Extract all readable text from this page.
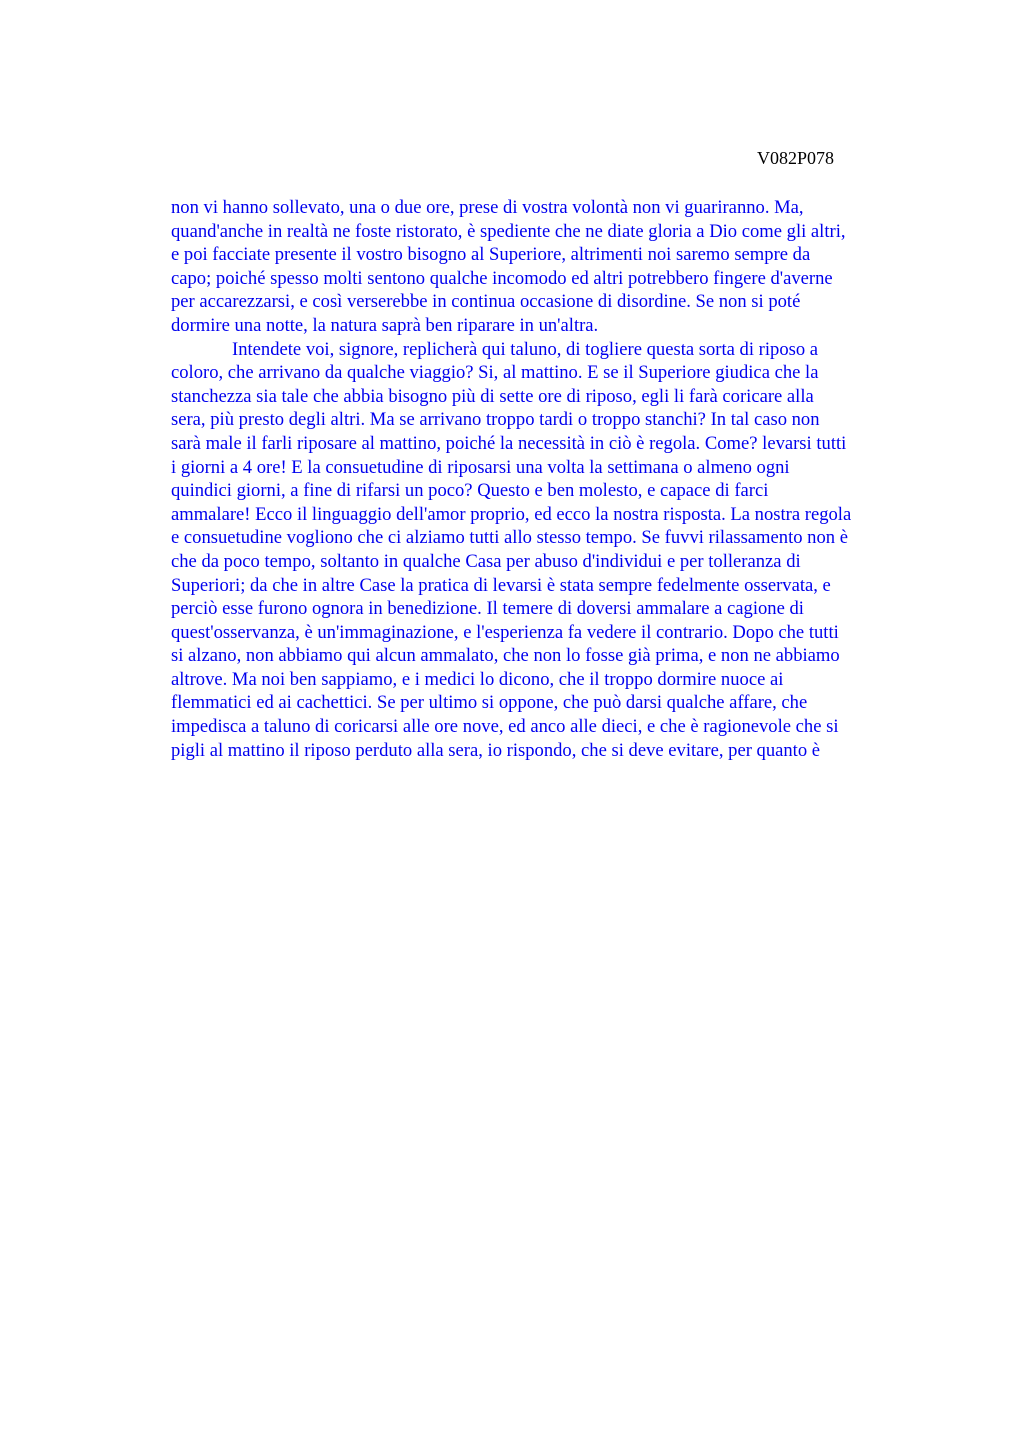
V082P078
non vi hanno sollevato, una o due ore, prese di vostra volontà non vi guariranno. Ma,
quand'anche in realtà ne foste ristorato, è spediente che ne diate gloria a Dio come gli altri,
e poi facciate presente il vostro bisogno al Superiore, altrimenti noi saremo sempre da
capo; poiché spesso molti sentono qualche incomodo ed altri potrebbero fingere d'averne
per accarezzarsi, e così verserebbe in continua occasione di disordine. Se non si poté
dormire una notte, la natura saprà ben riparare in un'altra.
Intendete voi, signore, replicherà qui taluno, di togliere questa sorta di riposo a
coloro, che arrivano da qualche viaggio? Si, al mattino. E se il Superiore giudica che la
stanchezza sia tale che abbia bisogno più di sette ore di riposo, egli li farà coricare alla
sera, più presto degli altri. Ma se arrivano troppo tardi o troppo stanchi? In tal caso non
sarà male il farli riposare al mattino, poiché la necessità in ciò è regola. Come? levarsi tutti
i giorni a 4 ore! E la consuetudine di riposarsi una volta la settimana o almeno ogni
quindici giorni, a fine di rifarsi un poco? Questo e ben molesto, e capace di farci
ammalare! Ecco il linguaggio dell'amor proprio, ed ecco la nostra risposta. La nostra regola
e consuetudine vogliono che ci alziamo tutti allo stesso tempo. Se fuvvi rilassamento non è
che da poco tempo, soltanto in qualche Casa per abuso d'individui e per tolleranza di
Superiori; da che in altre Case la pratica di levarsi è stata sempre fedelmente osservata, e
perciò esse furono ognora in benedizione. Il temere di doversi ammalare a cagione di
quest'osservanza, è un'immaginazione, e l'esperienza fa vedere il contrario. Dopo che tutti
si alzano, non abbiamo qui alcun ammalato, che non lo fosse già prima, e non ne abbiamo
altrove. Ma noi ben sappiamo, e i medici lo dicono, che il troppo dormire nuoce ai
flemmatici ed ai cachettici. Se per ultimo si oppone, che può darsi qualche affare, che
impedisca a taluno di coricarsi alle ore nove, ed anco alle dieci, e che è ragionevole che si
pigli al mattino il riposo perduto alla sera, io rispondo, che si deve evitare, per quanto è
